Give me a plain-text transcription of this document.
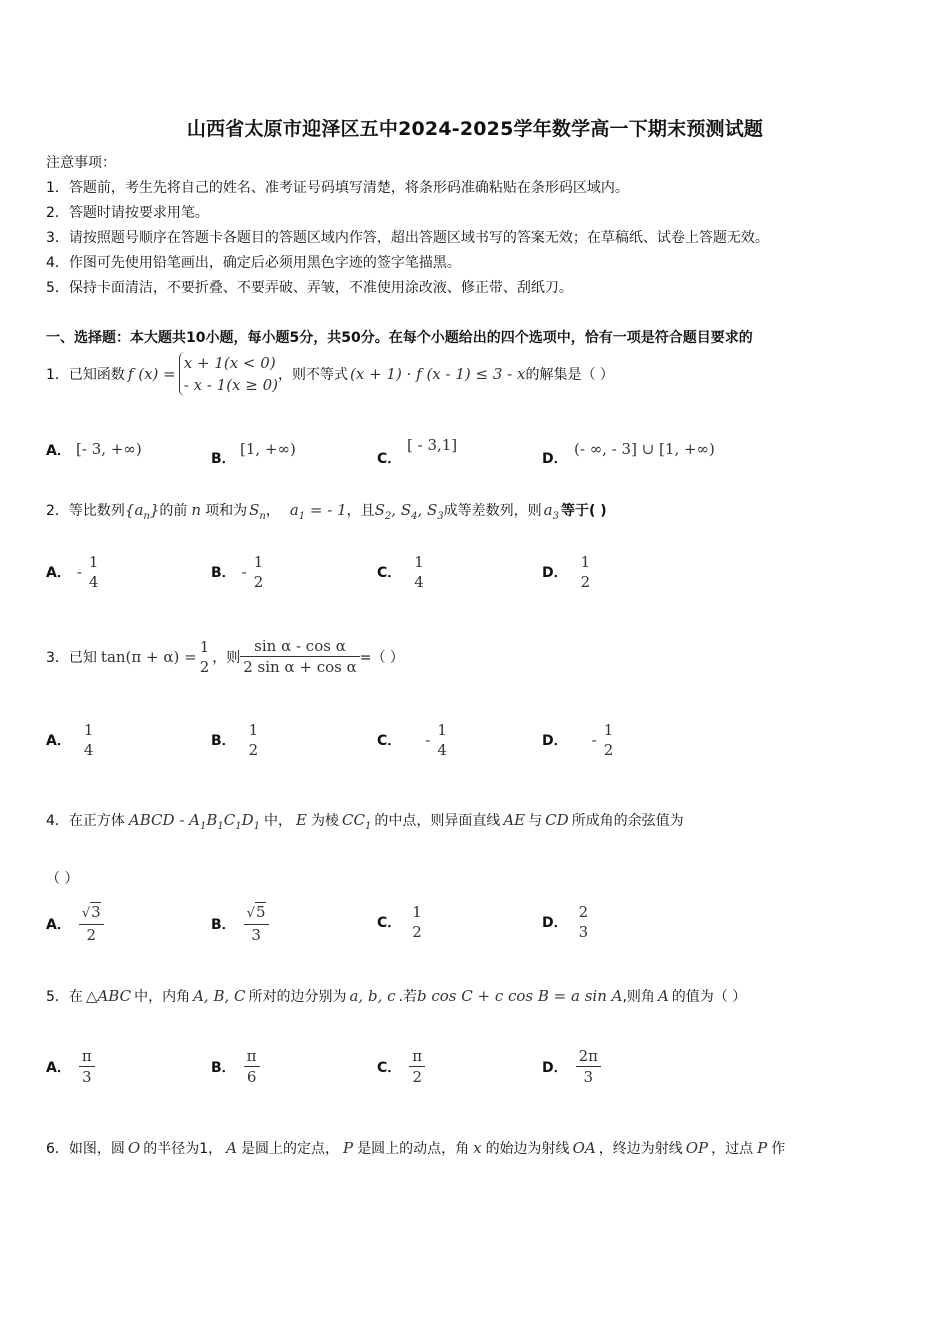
山西省太原市迎泽区五中2024-2025学年数学高一下期末预测试题
注意事项：
1．答题前，考生先将自己的姓名、准考证号码填写清楚，将条形码准确粘贴在条形码区域内。
2．答题时请按要求用笔。
3．请按照题号顺序在答题卡各题目的答题区域内作答，超出答题区域书写的答案无效；在草稿纸、试卷上答题无效。
4．作图可先使用铅笔画出，确定后必须用黑色字迹的签字笔描黑。
5．保持卡面清洁，不要折叠、不要弄破、弄皱，不准使用涂改液、修正带、刮纸刀。
一、选择题：本大题共10小题，每小题5分，共50分。在每个小题给出的四个选项中，恰有一项是符合题目要求的
1． 已知函数 f (x) =
x + 1(x < 0)
- x - 1(x ≥ 0)
，则不等式 (x + 1) · f (x - 1) ≤ 3 - x 的解集是（ ）
A． [- 3, +∞)
B．
[1, +∞)
C．
[ - 3,1]
D．
(- ∞, - 3] ∪ [1, +∞)
2．等比数列$\{a_n\}$的前 n 项和为 $S_n$， $a_1$ = - 1，且$S_2$, $S_4$, $S_3$成等差数列，则 $a_3$ 等于( )
A． -
1
4	B． -
1
2	C．
1
4	D．
1
2
3． 已知 tan(π + α) =
1
2 ，则 $\frac{\text{sin α - cos α}}{\text{2 sin α + cos α}}$ =（ ）
A．
1
4	B．
1
2	C． -
1
4	D． -
1
2
4．在正方体 ABCD - $A_1B_1C_1D_1$ 中， E 为棱 $CC_1$ 的中点，则异面直线 AE 与 CD 所成角的余弦值为
（ ）
A． $\frac{√3}{2}$	B． $\frac{√5}{3}$	C．
1
2	D．
2
3
5．在 △ABC 中，内角 A, B, C 所对的边分别为 a, b, c .若b cos C + c cos B = a sin A,则角 A 的值为（ ）
A． $\frac{\pi}{3}$	B． $\frac{\pi}{6}$	C． $\frac{\pi}{2}$	D． $\frac{2\pi}{3}$
6．如图，圆 O 的半径为1， A 是圆上的定点， P 是圆上的动点，角 x 的始边为射线 OA ，终边为射线 OP ，过点 P 作
